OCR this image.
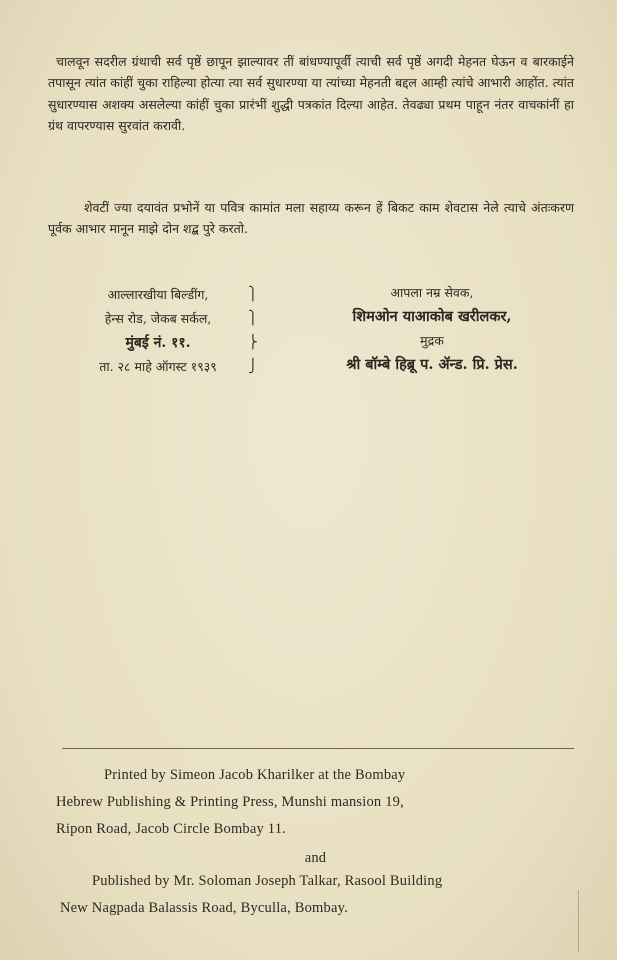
चालवून सदरील ग्रंथाची सर्व पृष्ठें छापून झाल्यावर तीं बांधण्यापूर्वी त्याची सर्व पृष्ठें अगदी मेहनत घेऊन व बारकाईने तपासून त्यांत कांहीं चुका राहिल्या होत्या त्या सर्व सुधारण्या या त्यांच्या मेहनती बद्दल आम्ही त्यांचे आभारी आहोंत. त्यांत सुधारण्यास अशक्य असलेल्या कांहीं चुका प्रारंभीं शुद्धी पत्रकांत दिल्या आहेत. तेवढ्या प्रथम पाहून नंतर वाचकांनीं हा ग्रंथ वापरण्यास सुरवांत करावी.

शेवटीं ज्या दयावंत प्रभोनें या पवित्र कामांत मला सहाय्य करून हें बिकट काम शेवटास नेले त्याचे अंतःकरण पूर्वक आभार मानून माझे दोन शद्ब पुरे करतो.

आल्लारखीया बिल्डींग,
हेन्स रोड, जेकब सर्कल,
मुंबई नं. ११.
ता. २८ माहे ऑगस्ट १९३९
⎫
⎫
⎬
⎭
आपला नम्र सेवक,
शिमओन याआकोब खरीलकर,
मुद्रक
श्री बॉम्बे हिब्रू प. ॲन्ड. प्रि. प्रेस.
Printed by Simeon Jacob Kharilker at the Bombay
Hebrew Publishing & Printing Press, Munshi mansion 19,
Ripon Road, Jacob Circle Bombay 11.
and
Published by Mr. Soloman Joseph Talkar, Rasool Building
New Nagpada Balassis Road, Byculla, Bombay.
